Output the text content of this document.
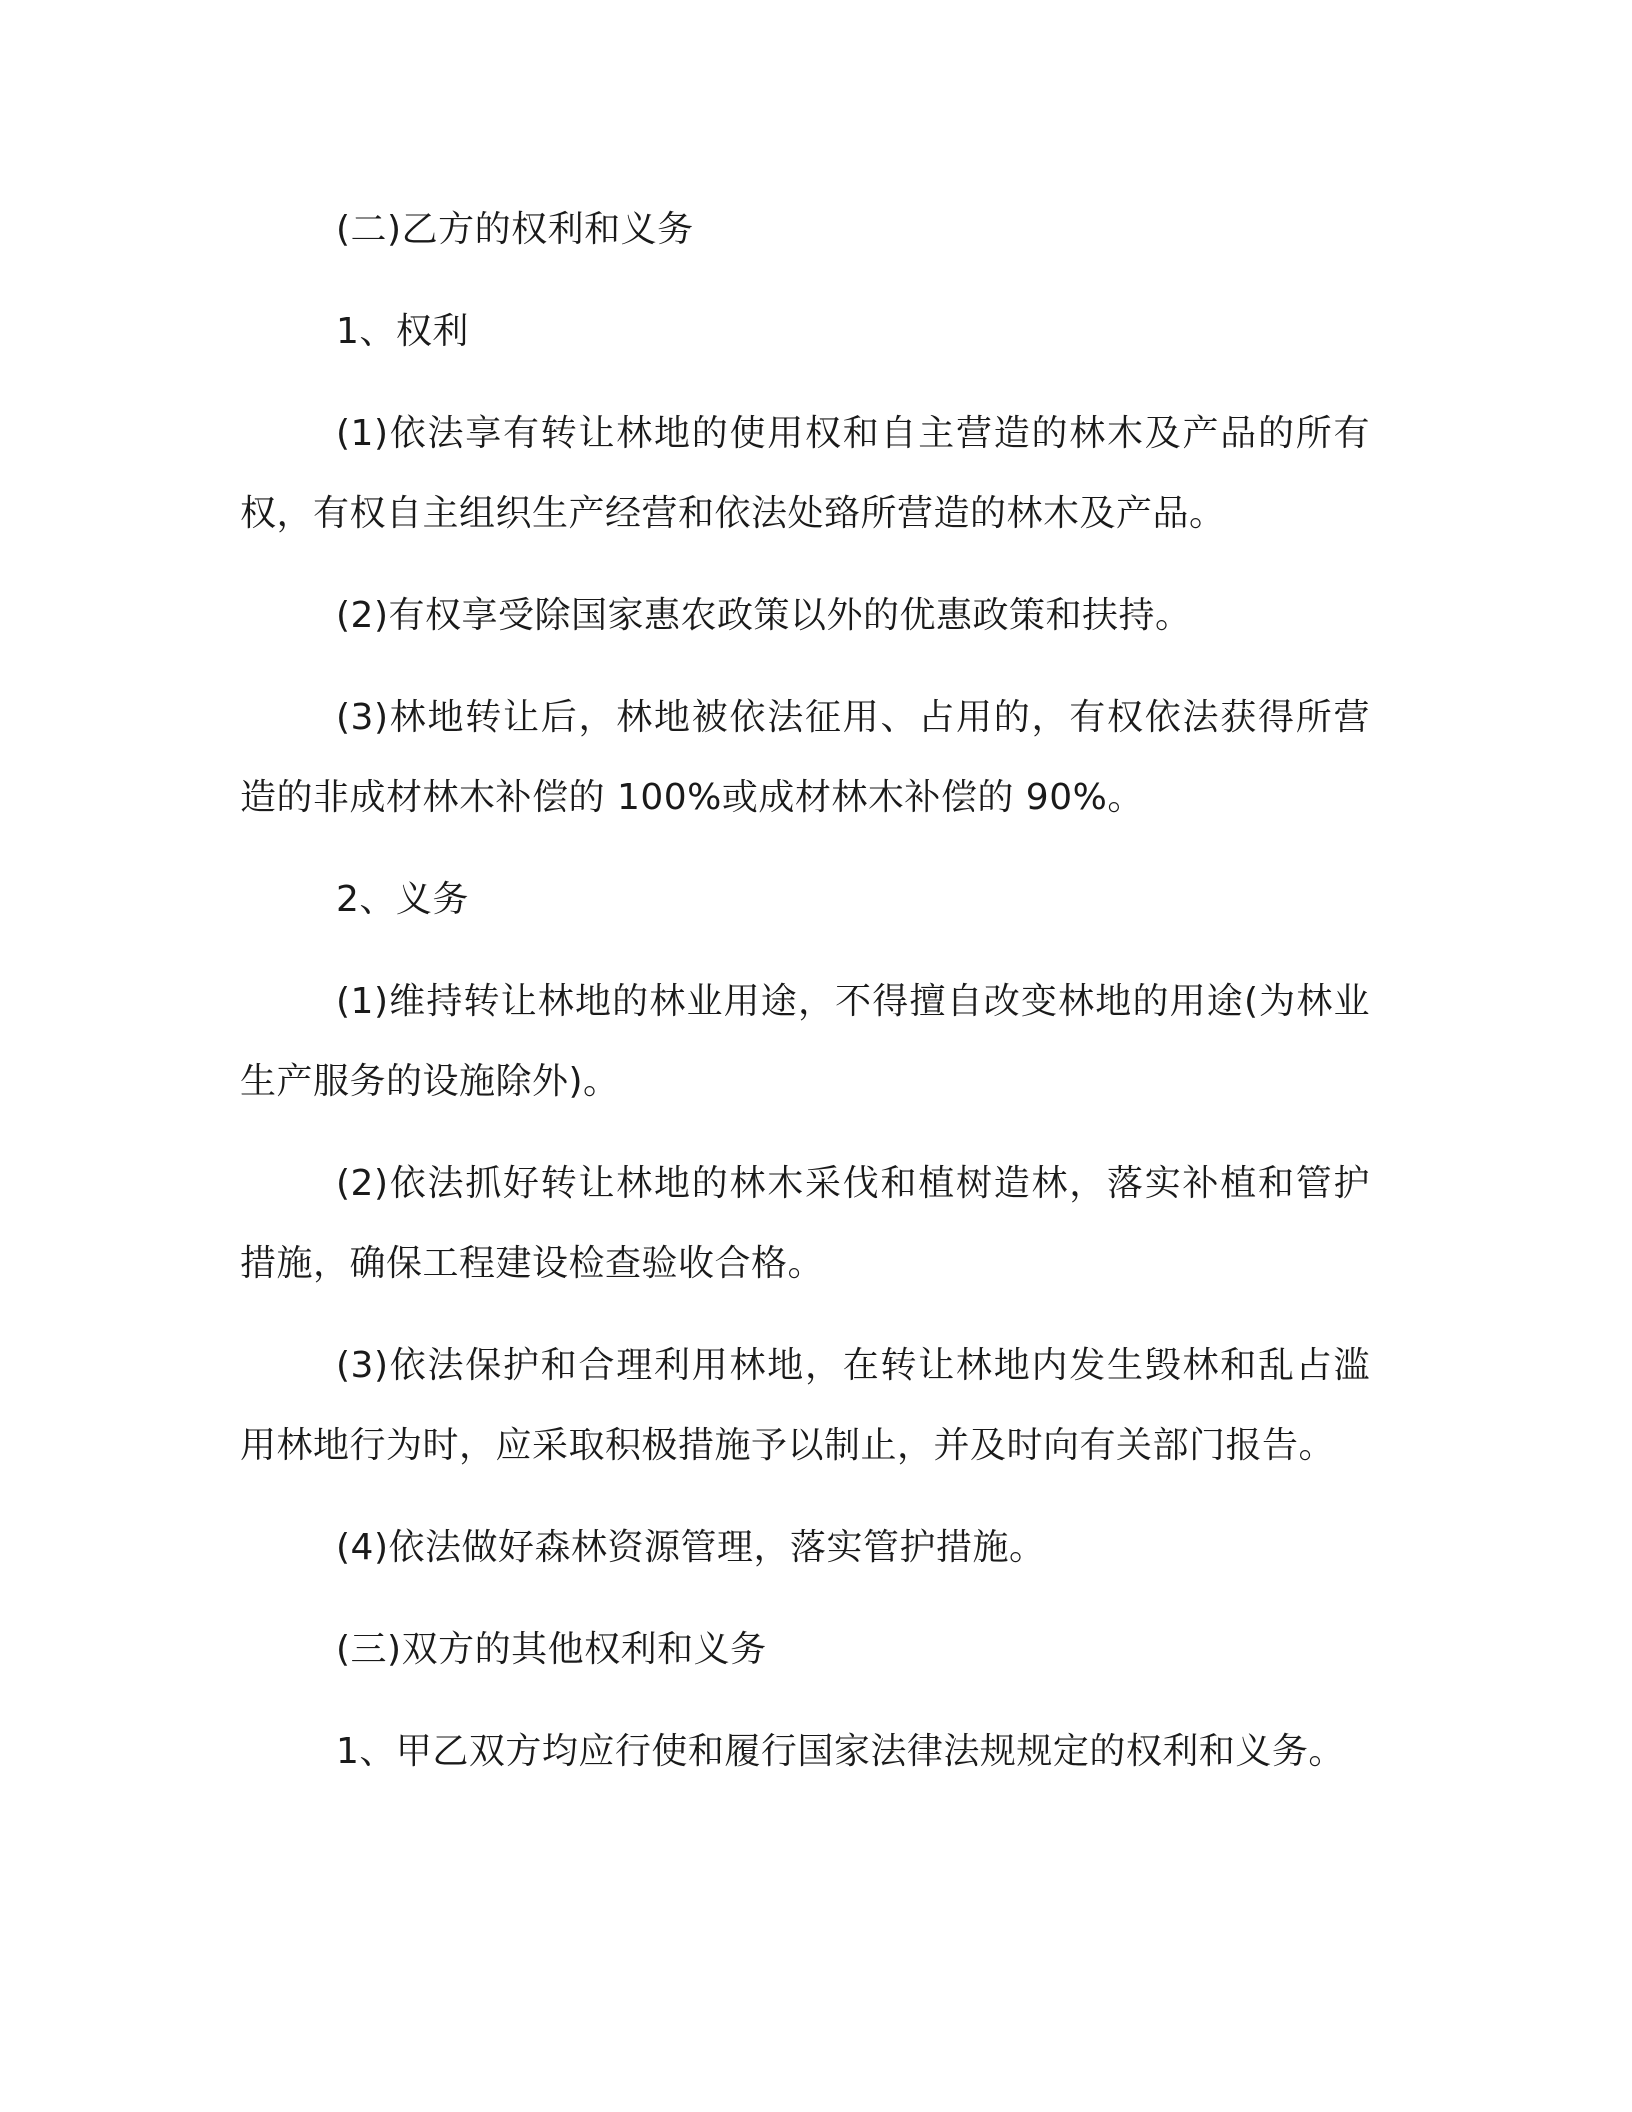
(二)乙方的权利和义务

1、权利

(1)依法享有转让林地的使用权和自主营造的林木及产品的所有权，有权自主组织生产经营和依法处臵所营造的林木及产品。

(2)有权享受除国家惠农政策以外的优惠政策和扶持。

(3)林地转让后，林地被依法征用、占用的，有权依法获得所营造的非成材林木补偿的 100%或成材林木补偿的 90%。

2、义务

(1)维持转让林地的林业用途，不得擅自改变林地的用途(为林业生产服务的设施除外)。

(2)依法抓好转让林地的林木采伐和植树造林，落实补植和管护措施，确保工程建设检查验收合格。

(3)依法保护和合理利用林地，在转让林地内发生毁林和乱占滥用林地行为时，应采取积极措施予以制止，并及时向有关部门报告。

(4)依法做好森林资源管理，落实管护措施。

(三)双方的其他权利和义务

1、甲乙双方均应行使和履行国家法律法规规定的权利和义务。
